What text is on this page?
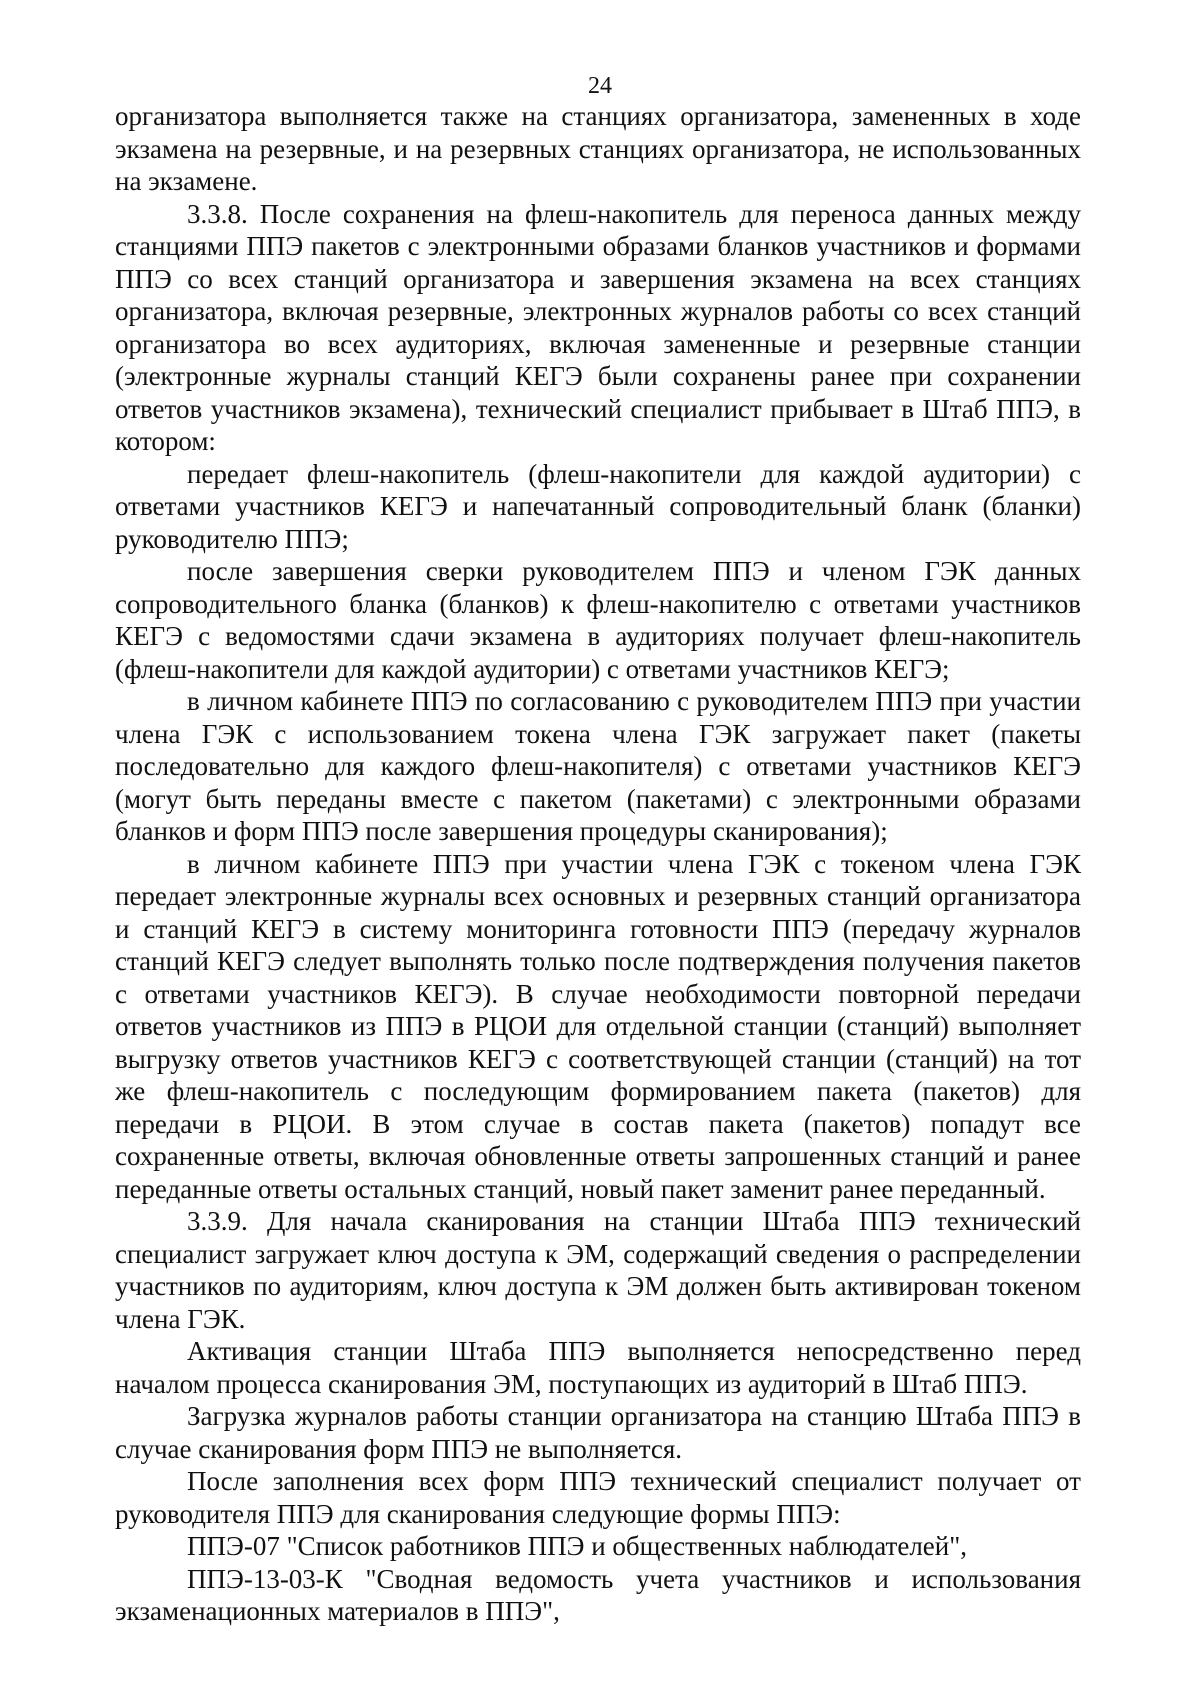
24

организатора выполняется также на станциях организатора, замененных в ходе экзамена на резервные, и на резервных станциях организатора, не использованных на экзамене.

3.3.8. После сохранения на флеш-накопитель для переноса данных между станциями ППЭ пакетов с электронными образами бланков участников и формами ППЭ со всех станций организатора и завершения экзамена на всех станциях организатора, включая резервные, электронных журналов работы со всех станций организатора во всех аудиториях, включая замененные и резервные станции (электронные журналы станций КЕГЭ были сохранены ранее при сохранении ответов участников экзамена), технический специалист прибывает в Штаб ППЭ, в котором:

передает флеш-накопитель (флеш-накопители для каждой аудитории) с ответами участников КЕГЭ и напечатанный сопроводительный бланк (бланки) руководителю ППЭ;

после завершения сверки руководителем ППЭ и членом ГЭК данных сопроводительного бланка (бланков) к флеш-накопителю с ответами участников КЕГЭ с ведомостями сдачи экзамена в аудиториях получает флеш-накопитель (флеш-накопители для каждой аудитории) с ответами участников КЕГЭ;

в личном кабинете ППЭ по согласованию с руководителем ППЭ при участии члена ГЭК с использованием токена члена ГЭК загружает пакет (пакеты последовательно для каждого флеш-накопителя) с ответами участников КЕГЭ (могут быть переданы вместе с пакетом (пакетами) с электронными образами бланков и форм ППЭ после завершения процедуры сканирования);

в личном кабинете ППЭ при участии члена ГЭК с токеном члена ГЭК передает электронные журналы всех основных и резервных станций организатора и станций КЕГЭ в систему мониторинга готовности ППЭ (передачу журналов станций КЕГЭ следует выполнять только после подтверждения получения пакетов с ответами участников КЕГЭ). В случае необходимости повторной передачи ответов участников из ППЭ в РЦОИ для отдельной станции (станций) выполняет выгрузку ответов участников КЕГЭ с соответствующей станции (станций) на тот же флеш-накопитель с последующим формированием пакета (пакетов) для передачи в РЦОИ. В этом случае в состав пакета (пакетов) попадут все сохраненные ответы, включая обновленные ответы запрошенных станций и ранее переданные ответы остальных станций, новый пакет заменит ранее переданный.

3.3.9. Для начала сканирования на станции Штаба ППЭ технический специалист загружает ключ доступа к ЭМ, содержащий сведения о распределении участников по аудиториям, ключ доступа к ЭМ должен быть активирован токеном члена ГЭК.

Активация станции Штаба ППЭ выполняется непосредственно перед началом процесса сканирования ЭМ, поступающих из аудиторий в Штаб ППЭ.

Загрузка журналов работы станции организатора на станцию Штаба ППЭ в случае сканирования форм ППЭ не выполняется.

После заполнения всех форм ППЭ технический специалист получает от руководителя ППЭ для сканирования следующие формы ППЭ:

ППЭ-07 "Список работников ППЭ и общественных наблюдателей",

ППЭ-13-03-К "Сводная ведомость учета участников и использования экзаменационных материалов в ППЭ",
